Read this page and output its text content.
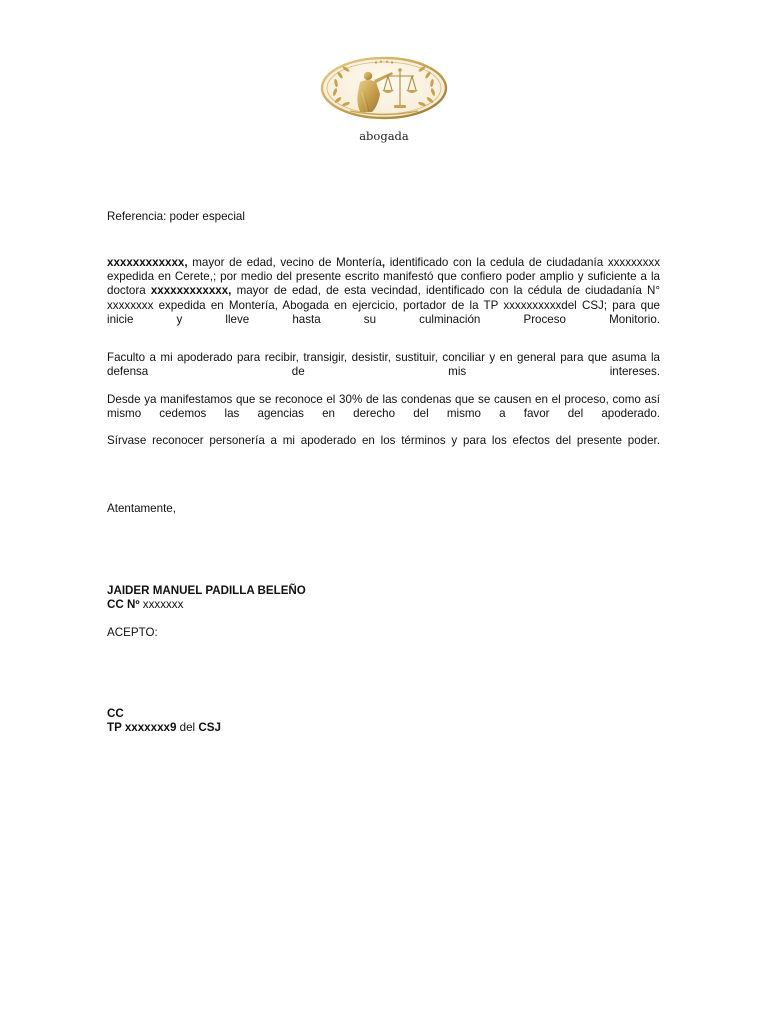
abogada
Referencia: poder especial
xxxxxxxxxxxx, mayor de edad, vecino de Montería, identificado con la cedula de ciudadanía xxxxxxxxx expedida en Cerete,; por medio del presente escrito manifestó que confiero poder amplio y suficiente a la doctora xxxxxxxxxxxx, mayor de edad, de esta vecindad, identificado con la cédula de ciudadanía N° xxxxxxxx expedida en Montería, Abogada en ejercicio, portador de la TP xxxxxxxxxxdel CSJ; para que inicie y lleve hasta su culminación Proceso Monitorio.
Faculto a mi apoderado para recibir, transigir, desistir, sustituir, conciliar y en general para que asuma la defensa de mis intereses.
Desde ya manifestamos que se reconoce el 30% de las condenas que se causen en el proceso, como así mismo cedemos las agencias en derecho del mismo a favor del apoderado.
Sírvase reconocer personería a mi apoderado en los términos y para los efectos del presente poder.
Atentamente,
JAIDER MANUEL PADILLA BELEÑO
CC Nº xxxxxxx
ACEPTO:
CC
TP xxxxxxx9 del CSJ
